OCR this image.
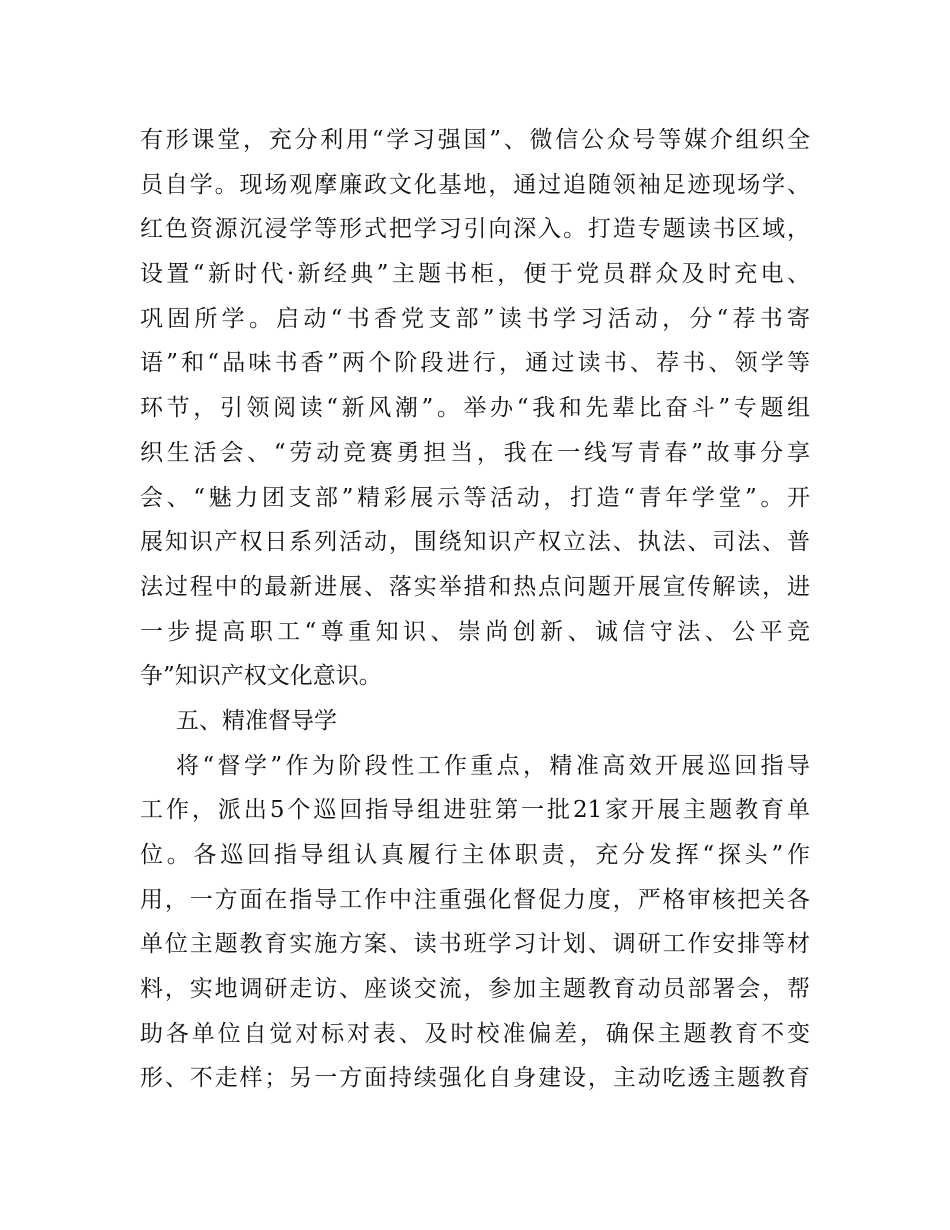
有形课堂，充分利用“学习强国”、微信公众号等媒介组织全
员自学。现场观摩廉政文化基地，通过追随领袖足迹现场学、
红色资源沉浸学等形式把学习引向深入。打造专题读书区域，
设置“新时代·新经典”主题书柜，便于党员群众及时充电、
巩固所学。启动“书香党支部”读书学习活动，分“荐书寄
语”和“品味书香”两个阶段进行，通过读书、荐书、领学等
环节，引领阅读“新风潮”。举办“我和先辈比奋斗”专题组
织生活会、“劳动竞赛勇担当，我在一线写青春”故事分享
会、“魅力团支部”精彩展示等活动，打造“青年学堂”。开
展知识产权日系列活动，围绕知识产权立法、执法、司法、普
法过程中的最新进展、落实举措和热点问题开展宣传解读，进
一步提高职工“尊重知识、崇尚创新、诚信守法、公平竞
争”知识产权文化意识。
五、精准督导学
将“督学”作为阶段性工作重点，精准高效开展巡回指导
工作，派出5个巡回指导组进驻第一批21家开展主题教育单
位。各巡回指导组认真履行主体职责，充分发挥“探头”作
用，一方面在指导工作中注重强化督促力度，严格审核把关各
单位主题教育实施方案、读书班学习计划、调研工作安排等材
料，实地调研走访、座谈交流，参加主题教育动员部署会，帮
助各单位自觉对标对表、及时校准偏差，确保主题教育不变
形、不走样；另一方面持续强化自身建设，主动吃透主题教育
